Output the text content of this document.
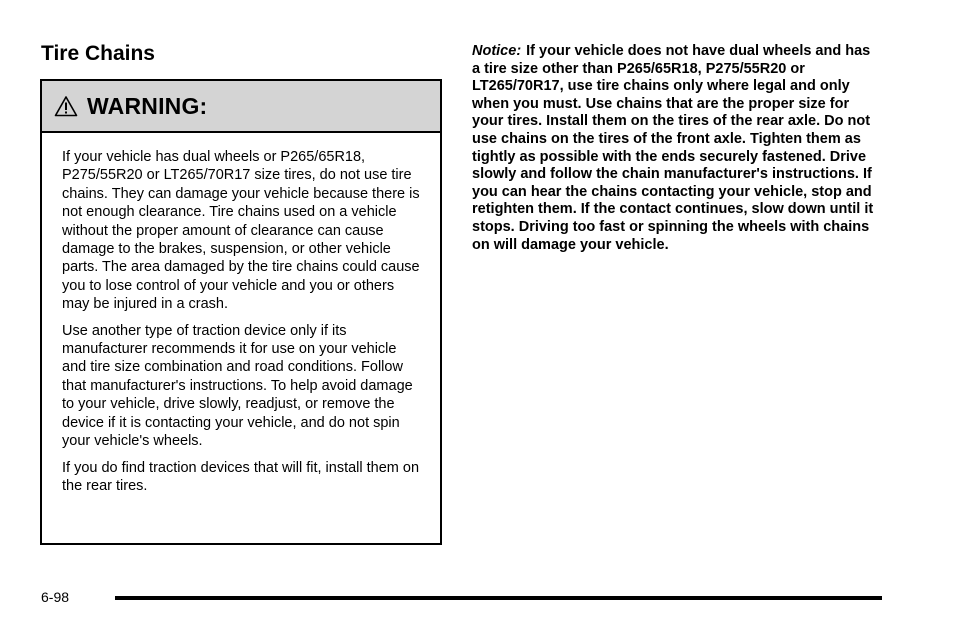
Tire Chains
WARNING:

If your vehicle has dual wheels or P265/65R18, P275/55R20 or LT265/70R17 size tires, do not use tire chains. They can damage your vehicle because there is not enough clearance. Tire chains used on a vehicle without the proper amount of clearance can cause damage to the brakes, suspension, or other vehicle parts. The area damaged by the tire chains could cause you to lose control of your vehicle and you or others may be injured in a crash.

Use another type of traction device only if its manufacturer recommends it for use on your vehicle and tire size combination and road conditions. Follow that manufacturer's instructions. To help avoid damage to your vehicle, drive slowly, readjust, or remove the device if it is contacting your vehicle, and do not spin your vehicle's wheels.

If you do find traction devices that will fit, install them on the rear tires.

Notice: If your vehicle does not have dual wheels and has a tire size other than P265/65R18, P275/55R20 or LT265/70R17, use tire chains only where legal and only when you must. Use chains that are the proper size for your tires. Install them on the tires of the rear axle. Do not use chains on the tires of the front axle. Tighten them as tightly as possible with the ends securely fastened. Drive slowly and follow the chain manufacturer's instructions. If you can hear the chains contacting your vehicle, stop and retighten them. If the contact continues, slow down until it stops. Driving too fast or spinning the wheels with chains on will damage your vehicle.

6-98
